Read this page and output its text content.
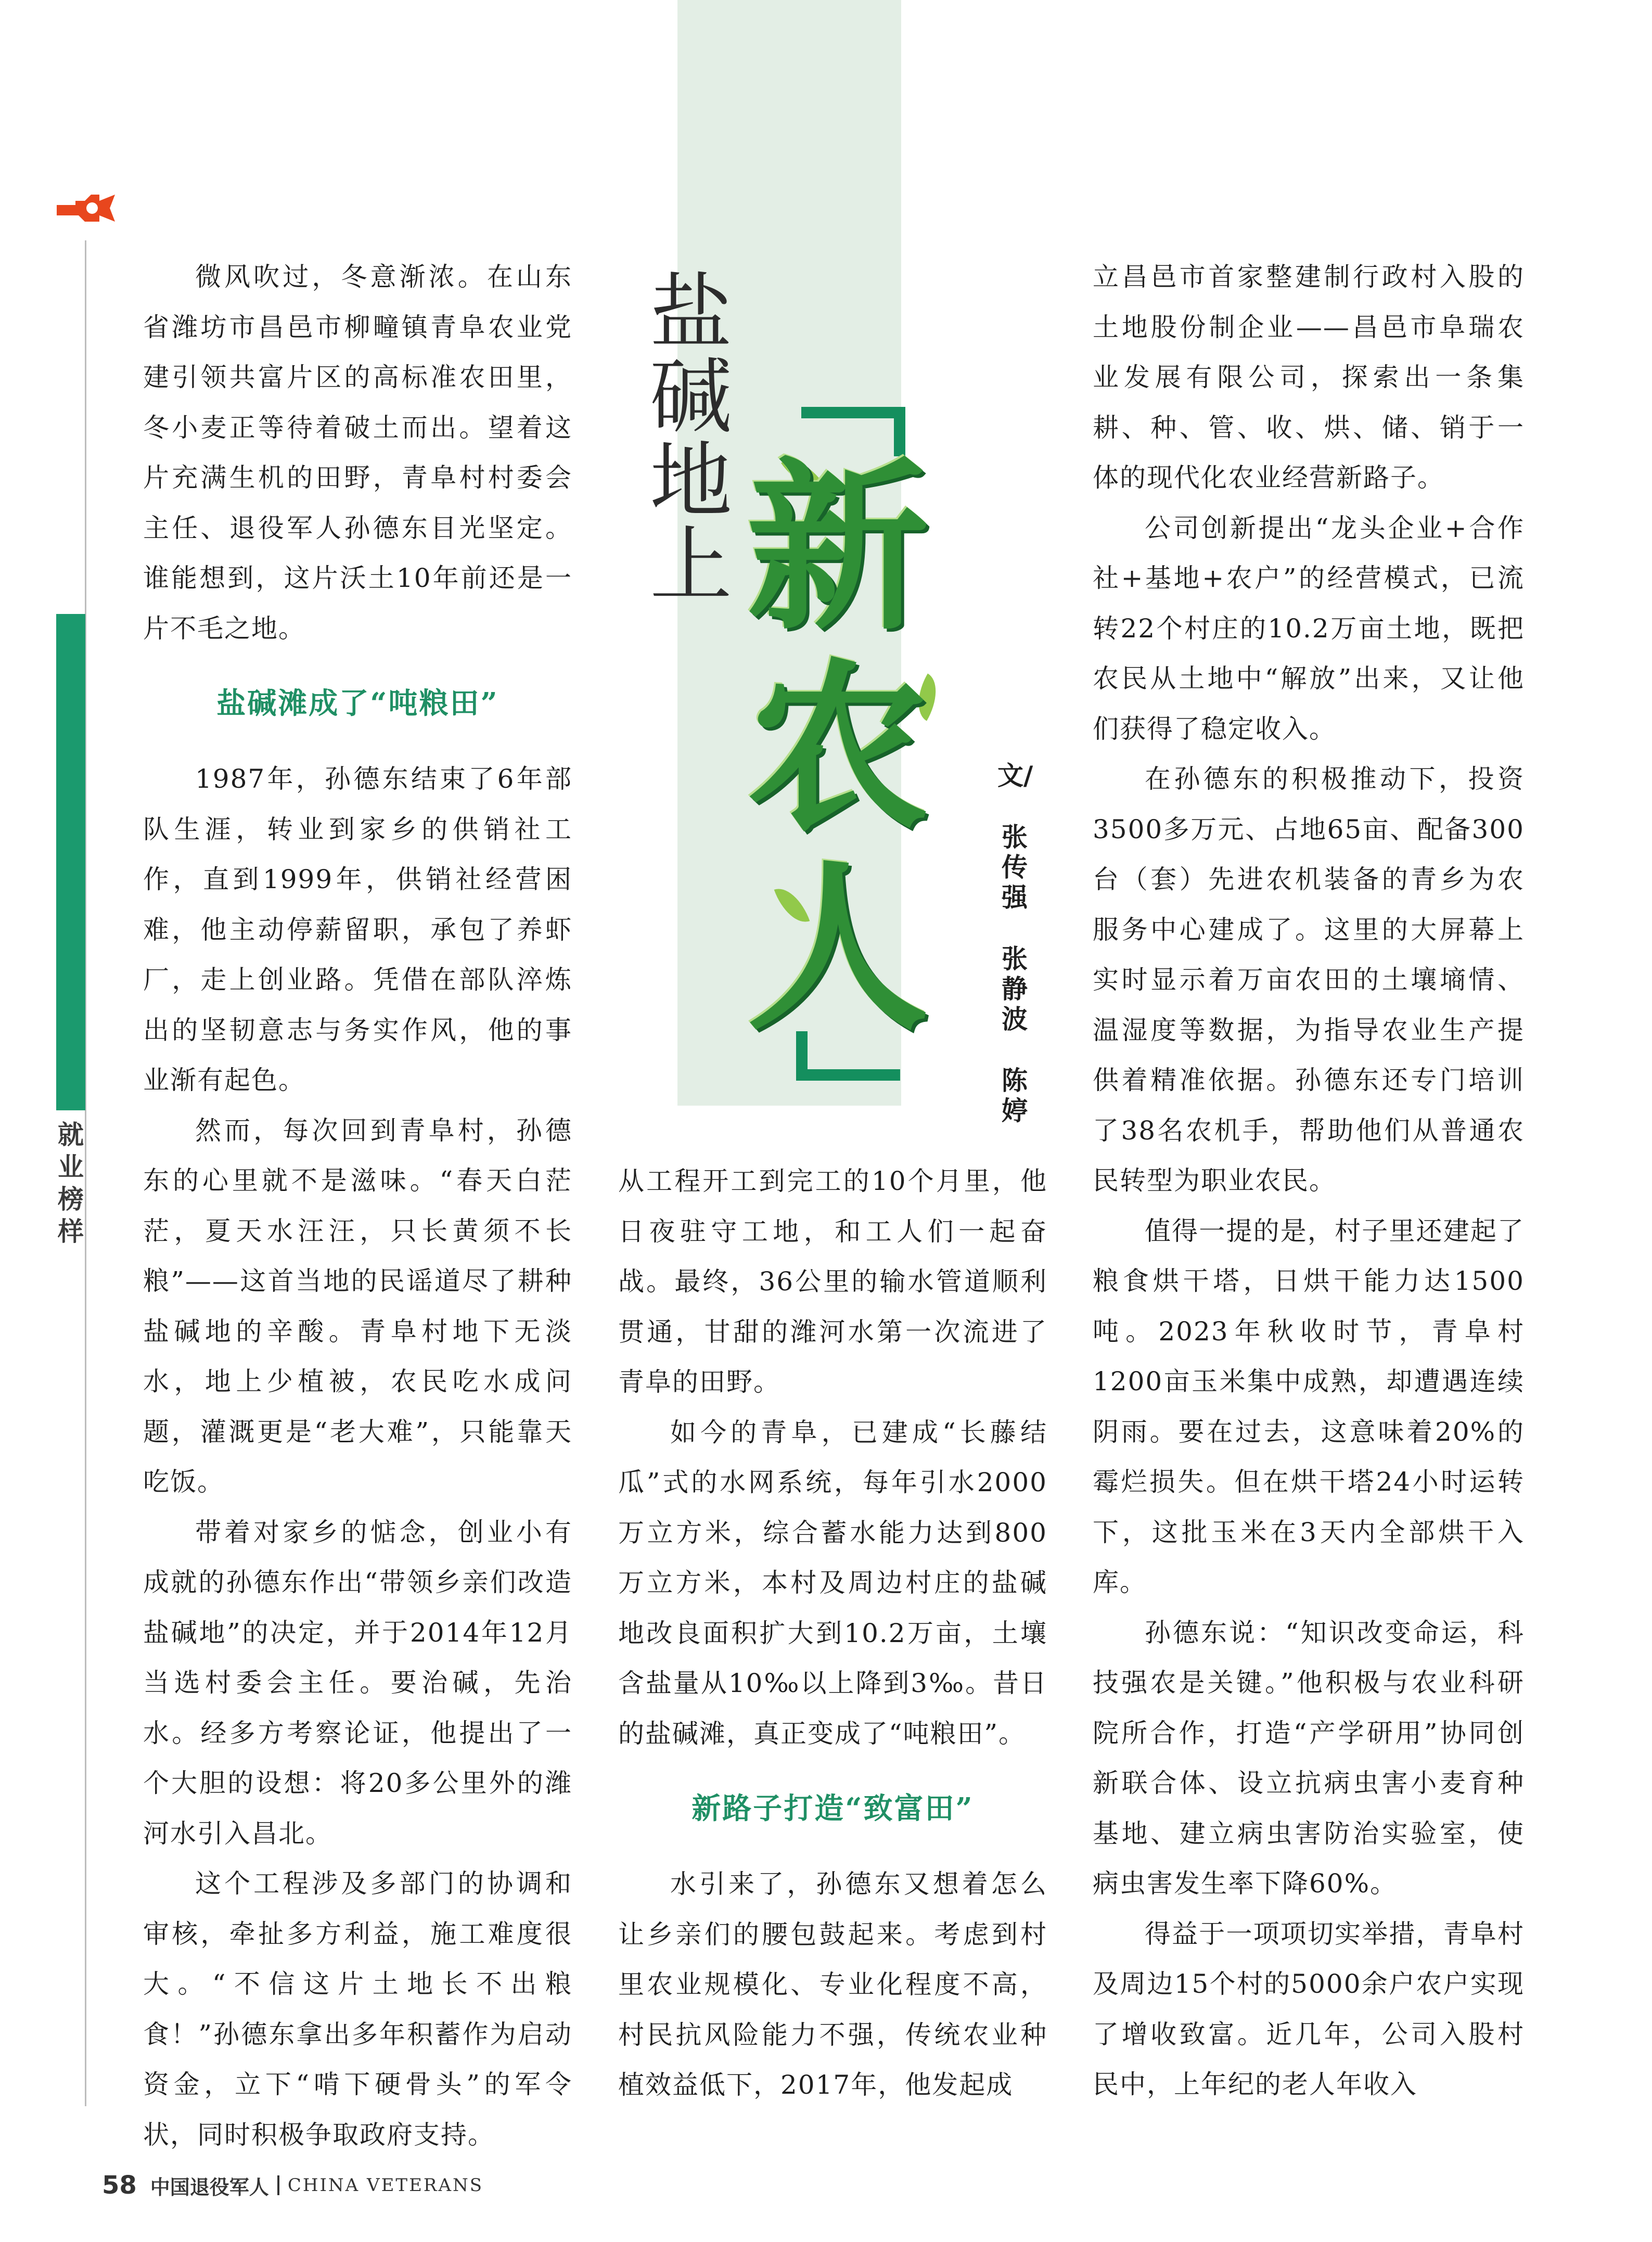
就业榜样
盐碱地上 新农人
文/
张传强
张静波
陈婷

微风吹过，冬意渐浓。在山东省潍坊市昌邑市柳疃镇青阜农业党建引领共富片区的高标准农田里，冬小麦正等待着破土而出。望着这片充满生机的田野，青阜村村委会主任、退役军人孙德东目光坚定。谁能想到，这片沃土10年前还是一片不毛之地。

盐碱滩成了“吨粮田”

1987年，孙德东结束了6年部队生涯，转业到家乡的供销社工作，直到1999年，供销社经营困难，他主动停薪留职，承包了养虾厂，走上创业路。凭借在部队淬炼出的坚韧意志与务实作风，他的事业渐有起色。

然而，每次回到青阜村，孙德东的心里就不是滋味。“春天白茫茫，夏天水汪汪，只长黄须不长粮”——这首当地的民谣道尽了耕种盐碱地的辛酸。青阜村地下无淡水，地上少植被，农民吃水成问题，灌溉更是“老大难”，只能靠天吃饭。

带着对家乡的惦念，创业小有成就的孙德东作出“带领乡亲们改造盐碱地”的决定，并于2014年12月当选村委会主任。要治碱，先治水。经多方考察论证，他提出了一个大胆的设想：将20多公里外的潍河水引入昌北。

这个工程涉及多部门的协调和审核，牵扯多方利益，施工难度很大。“不信这片土地长不出粮食！”孙德东拿出多年积蓄作为启动资金，立下“啃下硬骨头”的军令状，同时积极争取政府支持。

从工程开工到完工的10个月里，他日夜驻守工地，和工人们一起奋战。最终，36公里的输水管道顺利贯通，甘甜的潍河水第一次流进了青阜的田野。

如今的青阜，已建成“长藤结瓜”式的水网系统，每年引水2000万立方米，综合蓄水能力达到800万立方米，本村及周边村庄的盐碱地改良面积扩大到10.2万亩，土壤含盐量从10‰以上降到3‰。昔日的盐碱滩，真正变成了“吨粮田”。

新路子打造“致富田”

水引来了，孙德东又想着怎么让乡亲们的腰包鼓起来。考虑到村里农业规模化、专业化程度不高，村民抗风险能力不强，传统农业种植效益低下，2017年，他发起成

立昌邑市首家整建制行政村入股的土地股份制企业——昌邑市阜瑞农业发展有限公司，探索出一条集耕、种、管、收、烘、储、销于一体的现代化农业经营新路子。

公司创新提出“龙头企业+合作社+基地+农户”的经营模式，已流转22个村庄的10.2万亩土地，既把农民从土地中“解放”出来，又让他们获得了稳定收入。

在孙德东的积极推动下，投资3500多万元、占地65亩、配备300台（套）先进农机装备的青乡为农服务中心建成了。这里的大屏幕上实时显示着万亩农田的土壤墒情、温湿度等数据，为指导农业生产提供着精准依据。孙德东还专门培训了38名农机手，帮助他们从普通农民转型为职业农民。

值得一提的是，村子里还建起了粮食烘干塔，日烘干能力达1500吨。2023年秋收时节，青阜村1200亩玉米集中成熟，却遭遇连续阴雨。要在过去，这意味着20%的霉烂损失。但在烘干塔24小时运转下，这批玉米在3天内全部烘干入库。

孙德东说：“知识改变命运，科技强农是关键。”他积极与农业科研院所合作，打造“产学研用”协同创新联合体、设立抗病虫害小麦育种基地、建立病虫害防治实验室，使病虫害发生率下降60%。

得益于一项项切实举措，青阜村及周边15个村的5000余户农户实现了增收致富。近几年，公司入股村民中，上年纪的老人年收入

58 中国退役军人 CHINA VETERANS
